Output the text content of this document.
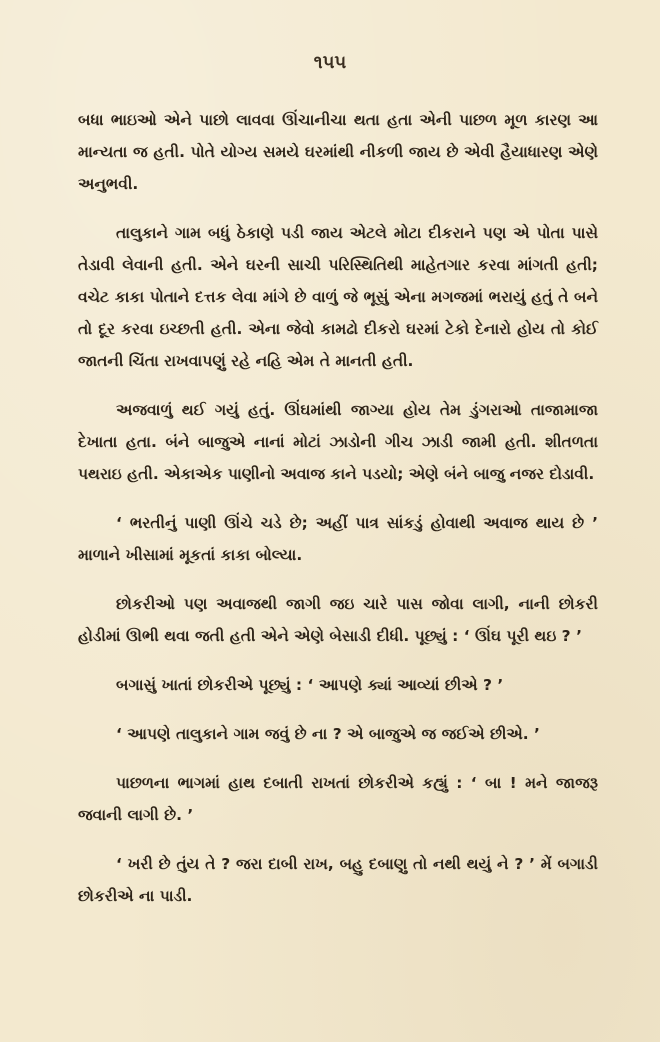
૧૫૫

બધા ભાઇઓ એને પાછો લાવવા ઊંચાનીચા થતા હતા એની પાછળ મૂળ કારણ આ માન્યતા જ હતી. પોતે યોગ્ય સમયે ઘરમાંથી નીકળી જાય છે એવી હૈયાધારણ એણે અનુભવી.

તાલુકાને ગામ બધું ઠેકાણે પડી જાય એટલે મોટા દીકરાને પણ એ પોતા પાસે તેડાવી લેવાની હતી. એને ઘરની સાચી પરિસ્થિતિથી માહેતગાર કરવા માંગતી હતી; વચેટ કાકા પોતાને દત્તક લેવા માંગે છે વાળું જે ભૂસું એના મગજમાં ભરાયું હતું તે બને તો દૂર કરવા ઇચ્છતી હતી. એના જેવો કામઢો દીકરો ઘરમાં ટેકો દેનારો હોય તો કોઈ જાતની ચિંતા રાખવાપણું રહે નહિ એમ તે માનતી હતી.

અજવાળું થઈ ગયું હતું. ઊંઘમાંથી જાગ્યા હોય તેમ ડુંગરાઓ તાજામાજા દેખાતા હતા. બંને બાજુએ નાનાં મોટાં ઝાડોની ગીચ ઝાડી જામી હતી. શીતળતા પથરાઇ હતી. એકાએક પાણીનો અવાજ કાને પડયો; એણે બંને બાજુ નજર દોડાવી.

‘ ભરતીનું પાણી ઊંચે ચડે છે; અહીં પાત્ર સાંકડું હોવાથી અવાજ થાય છે ’ માળાને ખીસામાં મૂકતાં કાકા બોલ્યા.

છોકરીઓ પણ અવાજથી જાગી જઇ ચારે પાસ જોવા લાગી, નાની છોકરી હોડીમાં ઊભી થવા જતી હતી એને એણે બેસાડી દીધી. પૂછ્યું : ‘ ઊંઘ પૂરી થઇ ? ’

બગાસું ખાતાં છોકરીએ પૂછ્યું : ‘ આપણે ક્યાં આવ્યાં છીએ ? ’

‘ આપણે તાલુકાને ગામ જવું છે ના ? એ બાજુએ જ જઈએ છીએ. ’

પાછળના ભાગમાં હાથ દબાતી રાખતાં છોકરીએ કહ્યું : ‘ બા ! મને જાજરૂ જવાની લાગી છે. ’

‘ ખરી છે તુંય તે ? જરા દાબી રાખ, બહુ દબાણુ તો નથી થયું ને ? ’ મેં બગાડી છોકરીએ ના પાડી.
